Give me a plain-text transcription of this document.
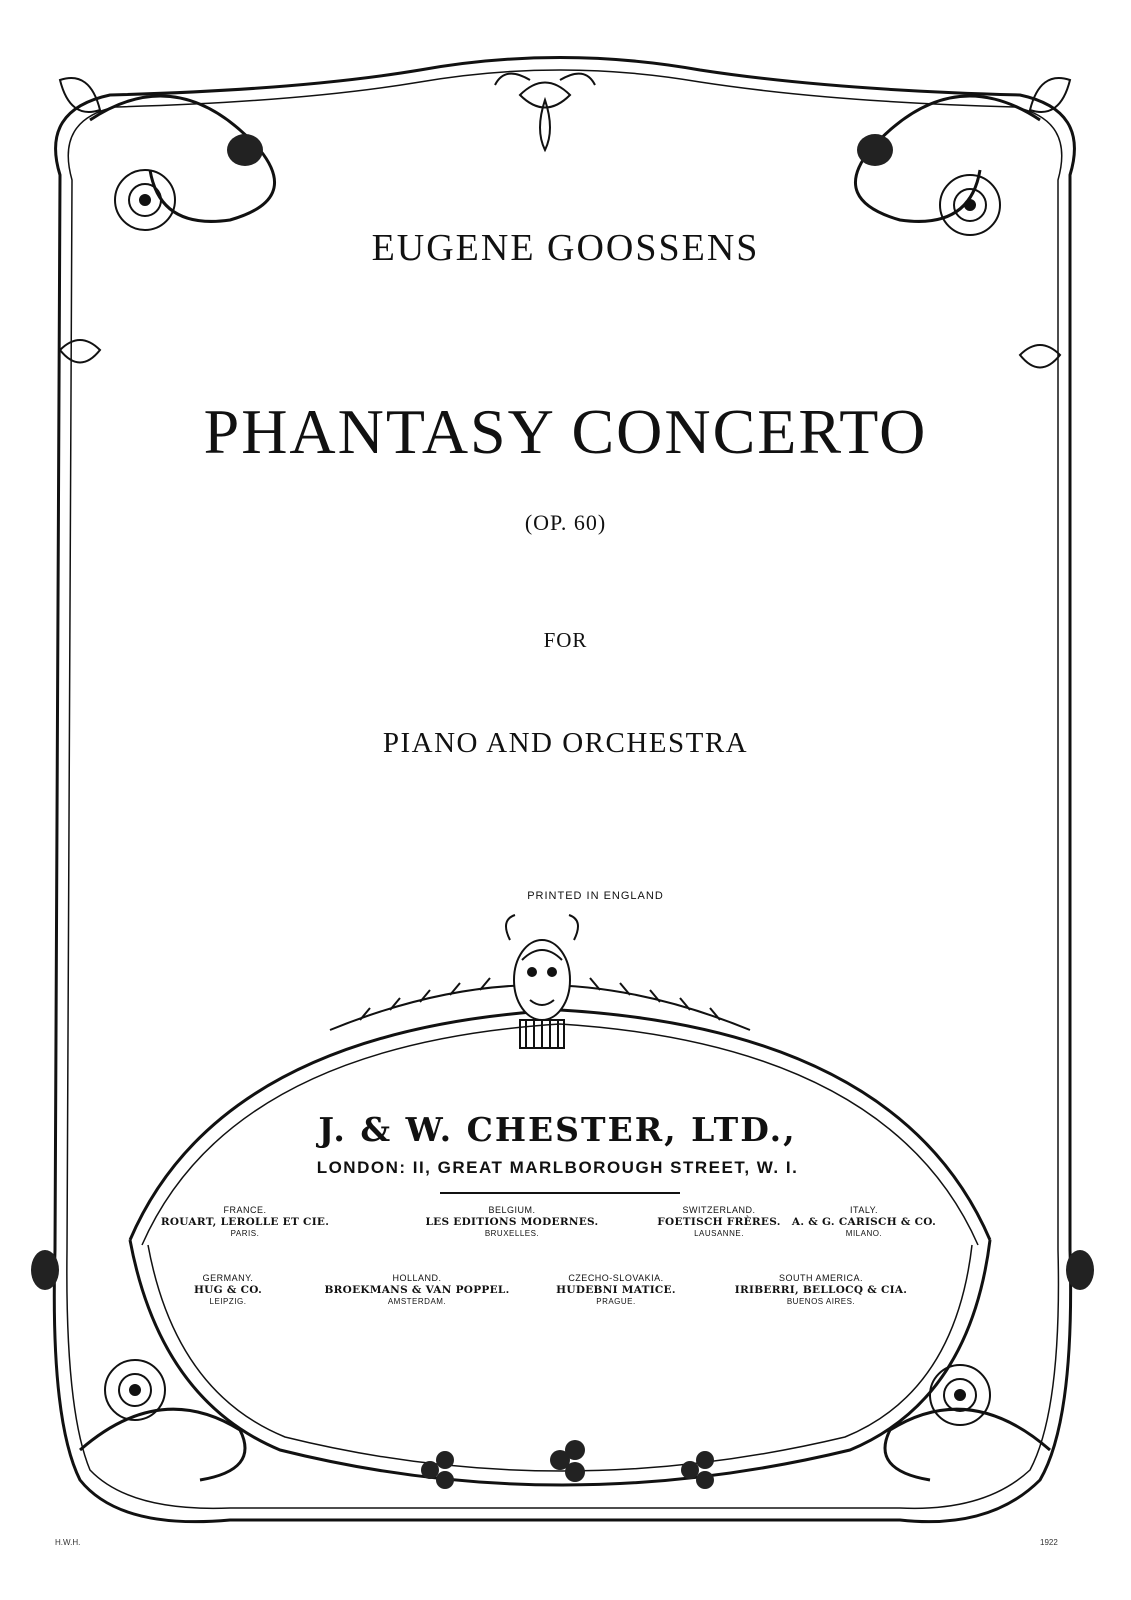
EUGENE GOOSSENS
PHANTASY CONCERTO
(OP. 60)
FOR
PIANO AND ORCHESTRA
PRINTED IN ENGLAND
J. & W. CHESTER, LTD.,
LONDON: II, GREAT MARLBOROUGH STREET, W. I.
FRANCE.
ROUART, LEROLLE ET CIE.
PARIS.
BELGIUM.
LES EDITIONS MODERNES.
BRUXELLES.
SWITZERLAND.
FOETISCH FRÈRES.
LAUSANNE.
ITALY.
A. & G. CARISCH & CO.
MILANO.
GERMANY.
HUG & CO.
LEIPZIG.
HOLLAND.
BROEKMANS & VAN POPPEL.
AMSTERDAM.
CZECHO-SLOVAKIA.
HUDEBNI MATICE.
PRAGUE.
SOUTH AMERICA.
IRIBERRI, BELLOCQ & CIA.
BUENOS AIRES.
H.W.H.	1922
